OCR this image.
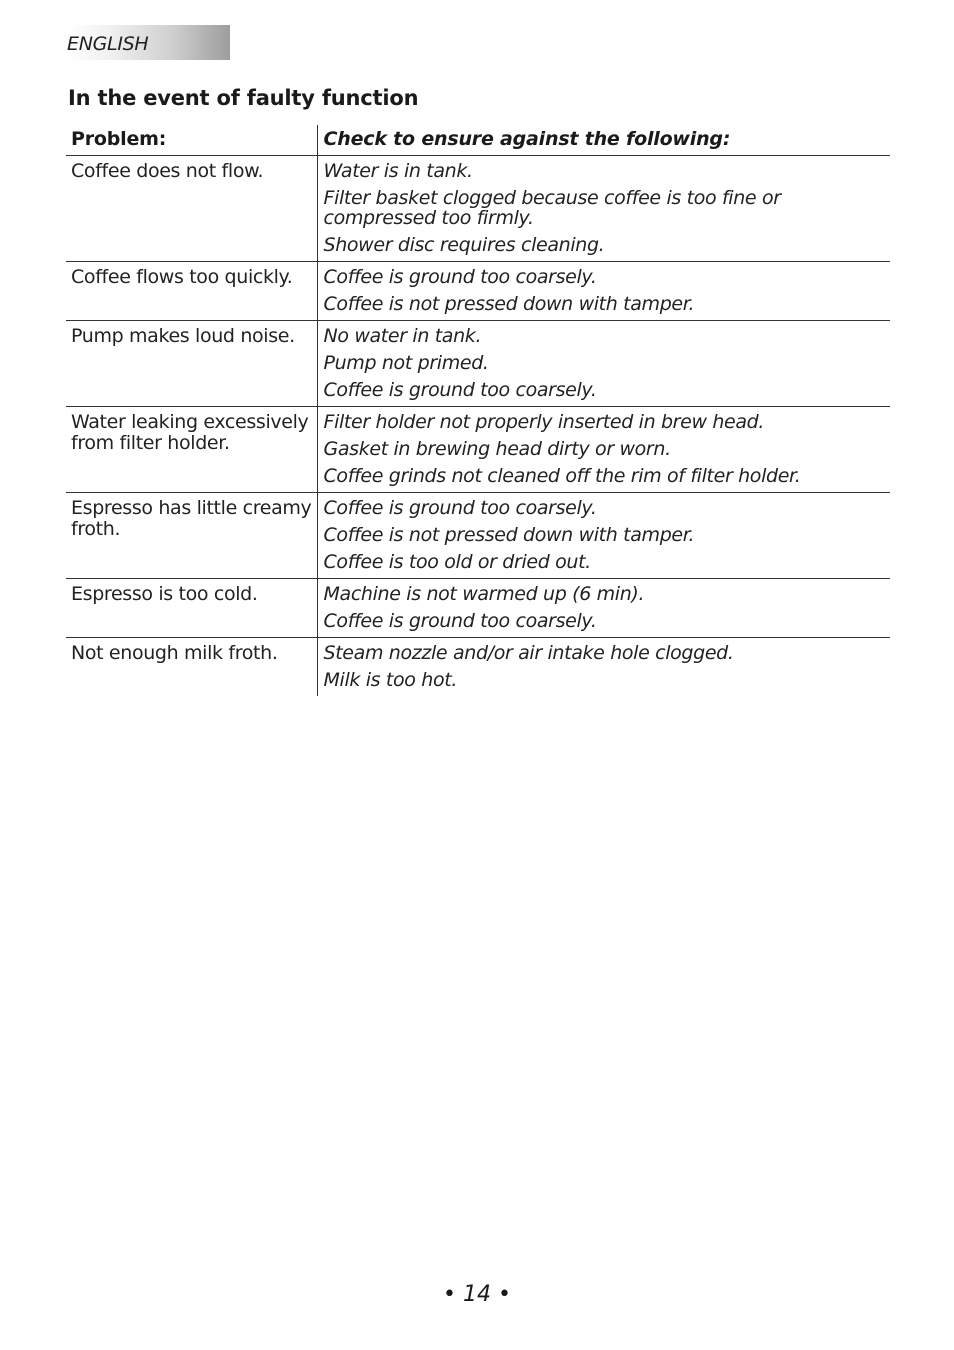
ENGLISH
In the event of faulty function
Problem:	Check to ensure against the following:
Coffee does not flow.	Water is in tank.
Filter basket clogged because coffee is too fine or compressed too firmly.
Shower disc requires cleaning.

Coffee flows too quickly.	Coffee is ground too coarsely.
Coffee is not pressed down with tamper.

Pump makes loud noise.	No water in tank.
Pump not primed.
Coffee is ground too coarsely.

Water leaking excessively from filter holder.	Filter holder not properly inserted in brew head.
Gasket in brewing head dirty or worn.
Coffee grinds not cleaned off the rim of filter holder.

Espresso has little creamy froth.	Coffee is ground too coarsely.
Coffee is not pressed down with tamper.
Coffee is too old or dried out.

Espresso is too cold.	Machine is not warmed up (6 min).
Coffee is ground too coarsely.

Not enough milk froth.	Steam nozzle and/or air intake hole clogged.
Milk is too hot.
• 14 •
